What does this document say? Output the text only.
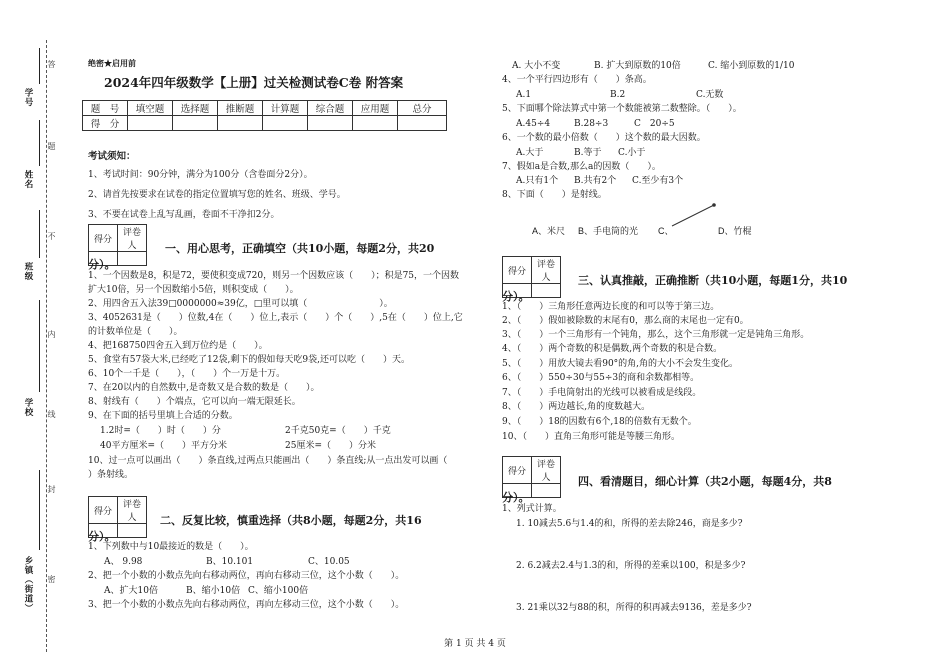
学号
姓名
班级
学校
乡镇（街道）
答
题
不
内
线
封
密
绝密★启用前
2024年四年级数学【上册】过关检测试卷C卷 附答案
题　号	填空题	选择题	推断题	计算题	综合题	应用题	总分
得　分							
考试须知：
1、考试时间：90分钟，满分为100分（含卷面分2分）。
2、请首先按要求在试卷的指定位置填写您的姓名、班级、学号。
3、不要在试卷上乱写乱画，卷面不干净扣2分。
得分	评卷人
		一、用心思考，正确填空（共10小题，每题2分，共20
分）。
1、一个因数是8，积是72，要使积变成720，则另一个因数应该（　　）；积是75，一个因数
扩大10倍，另一个因数缩小5倍，则积变成（　　）。
2、用四舍五入法39□0000000≈39亿，□里可以填（　　　　　　　　）。
3、4052631是（　　）位数,4在（　　）位上,表示（　　）个（　　）,5在（　　）位上,它
的计数单位是（　　）。
4、把168750四舍五入到万位约是（　　）。
5、食堂有57袋大米,已经吃了12袋,剩下的假如每天吃9袋,还可以吃（　　）天。
6、10个一千是（　　），（　　）个一万是十万。
7、在20以内的自然数中,是奇数又是合数的数是（　　）。
8、射线有（　　）个端点，它可以向一端无限延长。
9、在下面的括号里填上合适的分数。
1.2时=（　　）时（　　）分	2千克50克=（　　）千克
40平方厘米=（　　）平方分米	25厘米=（　　）分米
10、过一点可以画出（　　）条直线,过两点只能画出（　　）条直线;从一点出发可以画（
）条射线。
得分	评卷人
	二、反复比较，慎重选择（共8小题，每题2分，共16
分）。
1、下列数中与10最接近的数是（　　）。
A、 9.98	B、10.101	C、10.05
2、把一个小数的小数点先向右移动两位，再向右移动三位，这个小数（　　）。
A、扩大10倍	B、缩小10倍 C、缩小100倍
3、把一个小数的小数点先向右移动两位，再向左移动三位，这个小数（　　）。
A. 大小不变	B. 扩大到原数的10倍	C. 缩小到原数的1/10
4、一个平行四边形有（　　）条高。
A.1	B.2	C.无数
5、下面哪个除法算式中第一个数能被第二数整除。（　　）。
A.45÷4	B.28÷3	C　20÷5
6、一个数的最小倍数（　　）这个数的最大因数。
A.大于	B.等于 C.小于
7、假如a是合数,那么a的因数（　　）。
A.只有1个 B.共有2个 C.至少有3个
8、下面（　　）是射线。
A、米尺 B、手电筒的光 C、	D、竹棍
得分	评卷人
		三、认真推敲，正确推断（共10小题，每题1分，共10
分）。
1、（　　）三角形任意两边长度的和可以等于第三边。
2、（　　）假如被除数的末尾有0，那么商的末尾也一定有0。
3、（　　）一个三角形有一个钝角，那么，这个三角形就一定是钝角三角形。
4、（　　）两个奇数的积是偶数,两个奇数的积是合数。
5、（　　）用放大镜去看90°的角,角的大小不会发生变化。
6、（　　）550÷30与55÷3的商和余数都相等。
7、（　　）手电筒射出的光线可以被看成是线段。
8、（　　）两边越长,角的度数越大。
9、（　　）18的因数有6个,18的倍数有无数个。
10、（　　）直角三角形可能是等腰三角形。
得分	评卷人
		四、看清题目，细心计算（共2小题，每题4分，共8
分）。
1、列式计算。
1. 10减去5.6与1.4的和，所得的差去除246，商是多少?
2. 6.2减去2.4与1.3的和，所得的差乘以100，积是多少?
3. 21乘以32与88的积，所得的积再减去9136，差是多少?
第 1 页 共 4 页
